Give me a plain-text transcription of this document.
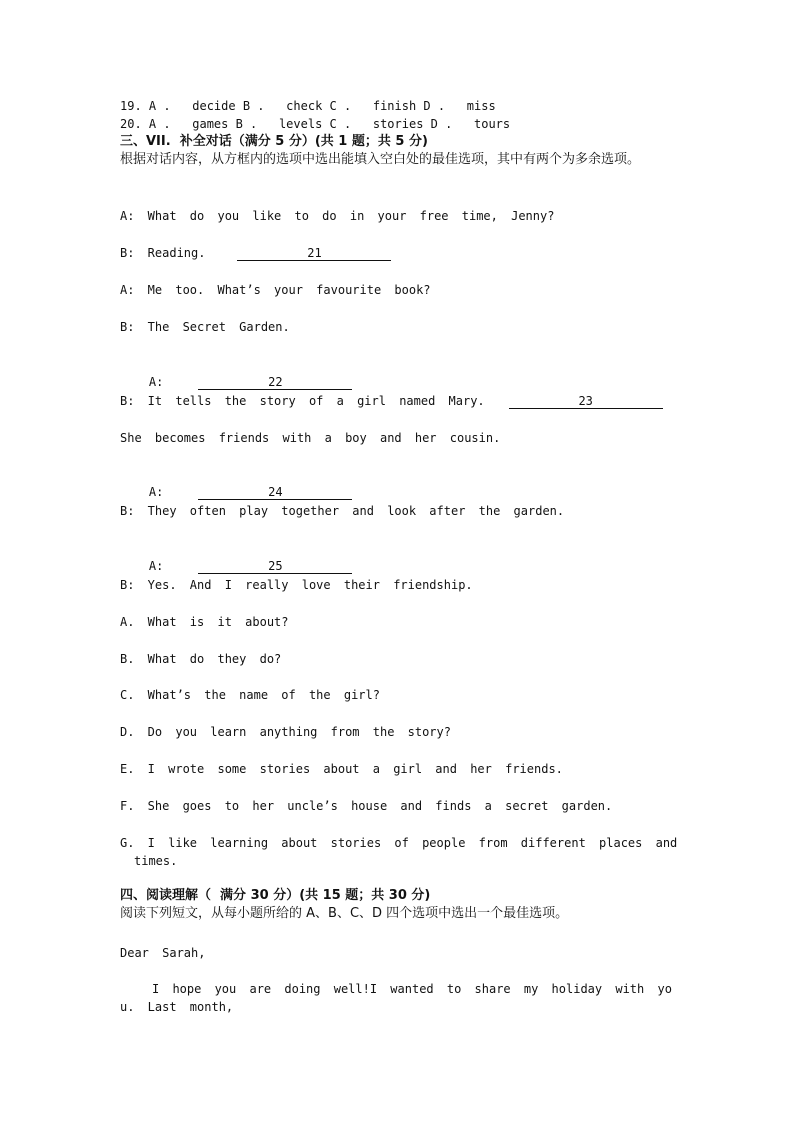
19. A .   decide B .   check C .   finish D .   miss
20. A .   games B .   levels C .   stories D .   tours
三、VII.  补全对话（满分 5 分）(共 1 题；共 5 分)
根据对话内容，从方框内的选项中选出能填入空白处的最佳选项，其中有两个为多余选项。
A: What do you like to do in your free time, Jenny?
B: Reading.	21
A: Me too. What’s your favourite book?
B: The Secret Garden.

A:	22

B: It tells the story of a girl named Mary.	23
She becomes friends with a boy and her cousin.

A:	24

B: They often play together and look after the garden.

A:	25

B: Yes. And I really love their friendship.
A. What is it about?
B. What do they do?
C. What’s the name of the girl?
D. Do you learn anything from the story?
E. I wrote some stories about a girl and her friends.
F. She goes to her uncle’s house and finds a secret garden.
G. I like learning about stories of people from different places and
times.
四、阅读理解（  满分 30 分）(共 15 题；共 30 分)
阅读下列短文，从每小题所给的 A、B、C、D 四个选项中选出一个最佳选项。
Dear Sarah,
I hope you are doing well!I wanted to share my holiday with yo
u. Last month,
